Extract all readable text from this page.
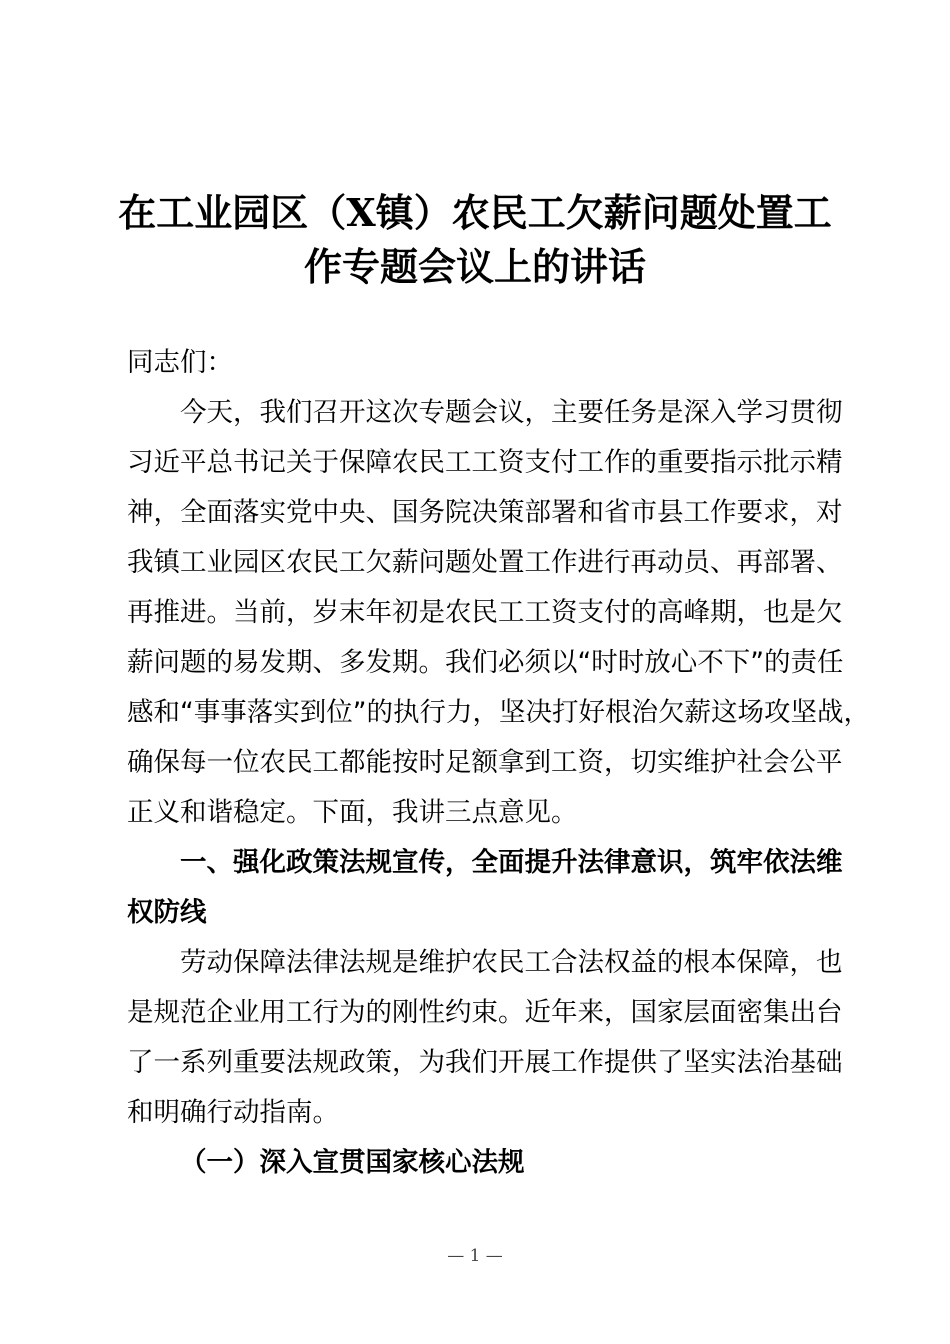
在工业园区（X镇）农民工欠薪问题处置工
作专题会议上的讲话
同志们：
今天，我们召开这次专题会议，主要任务是深入学习贯彻
习近平总书记关于保障农民工工资支付工作的重要指示批示精
神，全面落实党中央、国务院决策部署和省市县工作要求，对
我镇工业园区农民工欠薪问题处置工作进行再动员、再部署、
再推进。当前，岁末年初是农民工工资支付的高峰期，也是欠
薪问题的易发期、多发期。我们必须以“时时放心不下”的责任
感和“事事落实到位”的执行力，坚决打好根治欠薪这场攻坚战，
确保每一位农民工都能按时足额拿到工资，切实维护社会公平
正义和谐稳定。下面，我讲三点意见。
一、强化政策法规宣传，全面提升法律意识，筑牢依法维
权防线
劳动保障法律法规是维护农民工合法权益的根本保障，也
是规范企业用工行为的刚性约束。近年来，国家层面密集出台
了一系列重要法规政策，为我们开展工作提供了坚实法治基础
和明确行动指南。
（一）深入宣贯国家核心法规
— 1 —
